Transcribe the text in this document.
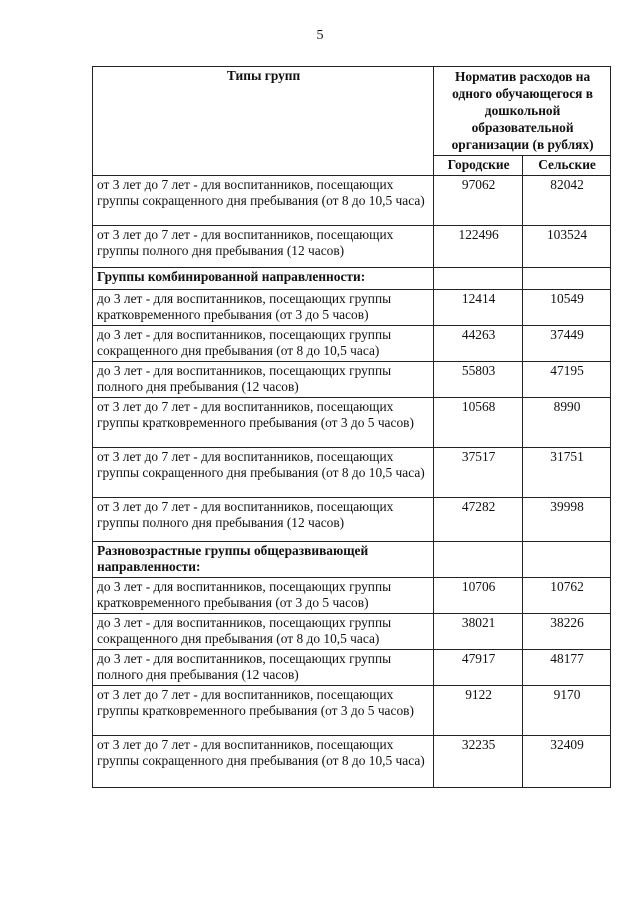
5
Типы групп	Норматив расходов на одного обучающегося в дошкольной образовательной организации (в рублях)	
	Городские	Сельские
от 3 лет до 7 лет - для воспитанников, посещающих группы сокращенного дня пребывания (от 8 до 10,5 часа)	97062	82042
от 3 лет до 7 лет - для воспитанников, посещающих группы полного дня пребывания (12 часов)	122496	103524
Группы комбинированной направленности:		
до 3 лет - для воспитанников, посещающих группы кратковременного пребывания (от 3 до 5 часов)	12414	10549
до 3 лет - для воспитанников, посещающих группы сокращенного дня пребывания (от 8 до 10,5 часа)	44263	37449
до 3 лет - для воспитанников, посещающих группы полного дня пребывания (12 часов)	55803	47195
от 3 лет до 7 лет - для воспитанников, посещающих группы кратковременного пребывания (от 3 до 5 часов)	10568	8990
от 3 лет до 7 лет - для воспитанников, посещающих группы сокращенного дня пребывания (от 8 до 10,5 часа)	37517	31751
от 3 лет до 7 лет - для воспитанников, посещающих группы полного дня пребывания (12 часов)	47282	39998
Разновозрастные группы общеразвивающей направленности:		
до 3 лет - для воспитанников, посещающих группы кратковременного пребывания (от 3 до 5 часов)	10706	10762
до 3 лет - для воспитанников, посещающих группы сокращенного дня пребывания (от 8 до 10,5 часа)	38021	38226
до 3 лет - для воспитанников, посещающих группы полного дня пребывания (12 часов)	47917	48177
от 3 лет до 7 лет - для воспитанников, посещающих группы кратковременного пребывания (от 3 до 5 часов)	9122	9170
от 3 лет до 7 лет - для воспитанников, посещающих группы сокращенного дня пребывания (от 8 до 10,5 часа)	32235	32409
